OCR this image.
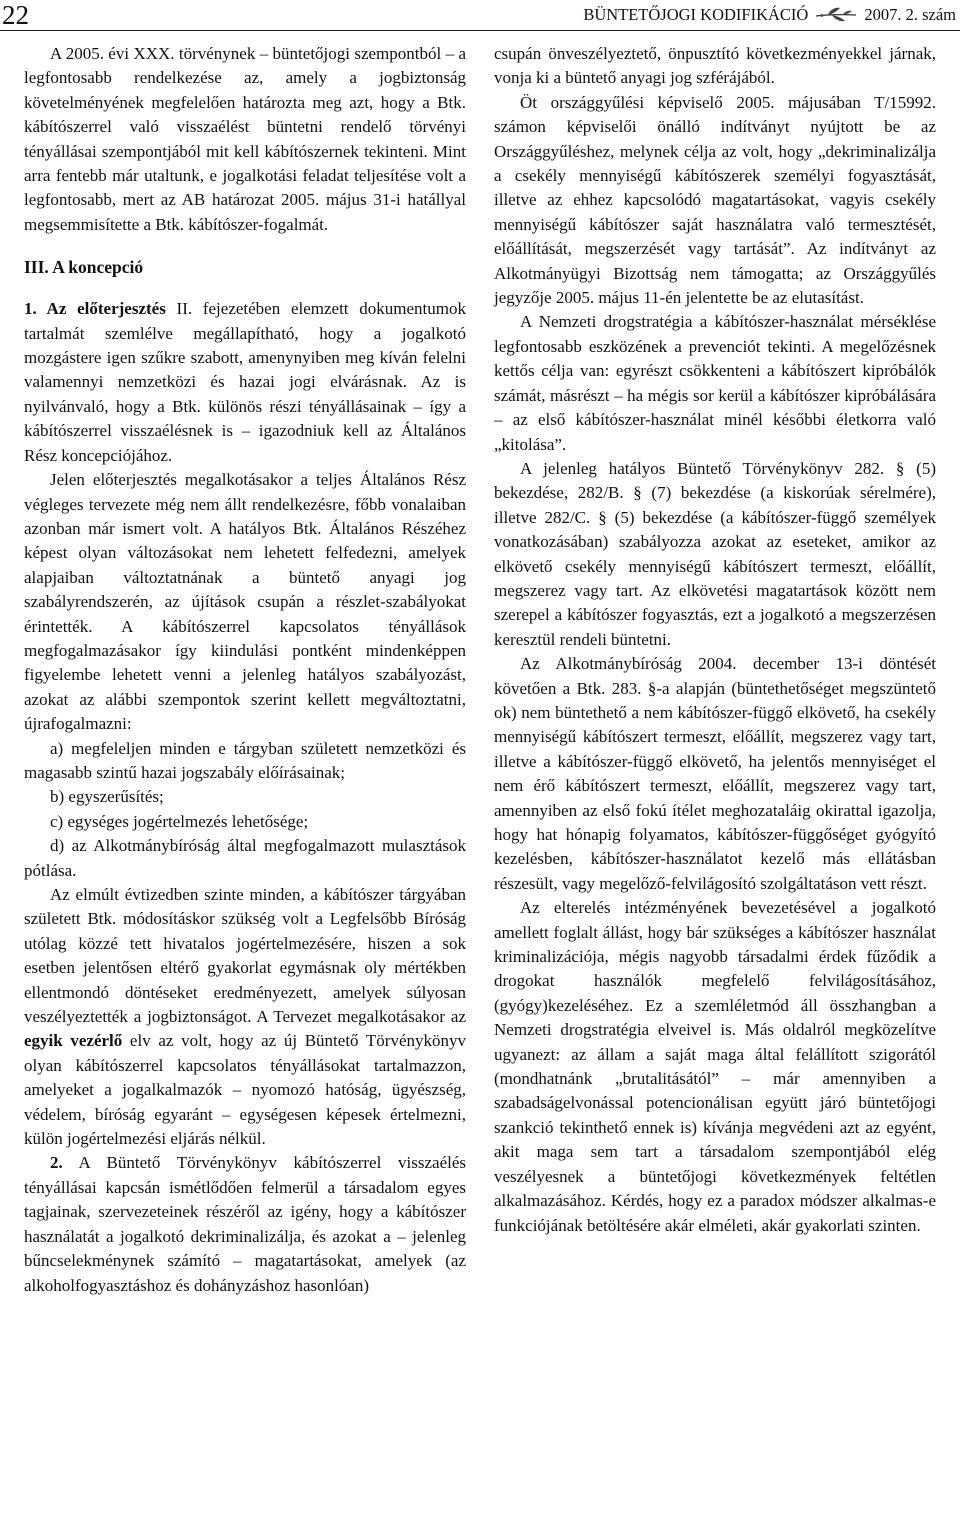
22	BÜNTETŐJOGI KODIFIKÁCIÓ	2007. 2. szám

A 2005. évi XXX. törvénynek – büntetőjogi szempontból – a legfontosabb rendelkezése az, amely a jogbiztonság követelményének megfelelően határozta meg azt, hogy a Btk. kábítószerrel való visszaélést büntetni rendelő törvényi tényállásai szempontjából mit kell kábítószernek tekinteni. Mint arra fentebb már utaltunk, e jogalkotási feladat teljesítése volt a legfontosabb, mert az AB határozat 2005. május 31-i hatállyal megsemmisítette a Btk. kábítószer-fogalmát.

III. A koncepció

1. Az előterjesztés II. fejezetében elemzett dokumentumok tartalmát szemlélve megállapítható, hogy a jogalkotó mozgástere igen szűkre szabott, amenynyiben meg kíván felelni valamennyi nemzetközi és hazai jogi elvárásnak. Az is nyilvánvaló, hogy a Btk. különös részi tényállásainak – így a kábítószerrel visszaélésnek is – igazodniuk kell az Általános Rész koncepciójához.

Jelen előterjesztés megalkotásakor a teljes Általános Rész végleges tervezete még nem állt rendelkezésre, főbb vonalaiban azonban már ismert volt. A hatályos Btk. Általános Részéhez képest olyan változásokat nem lehetett felfedezni, amelyek alapjaiban változtatnának a büntető anyagi jog szabályrendszerén, az újítások csupán a részlet-szabályokat érintették. A kábítószerrel kapcsolatos tényállások megfogalmazásakor így kiindulási pontként mindenképpen figyelembe lehetett venni a jelenleg hatályos szabályozást, azokat az alábbi szempontok szerint kellett megváltoztatni, újrafogalmazni:

a) megfeleljen minden e tárgyban született nemzetközi és magasabb szintű hazai jogszabály előírásainak;

b) egyszerűsítés;

c) egységes jogértelmezés lehetősége;

d) az Alkotmánybíróság által megfogalmazott mulasztások pótlása.

Az elmúlt évtizedben szinte minden, a kábítószer tárgyában született Btk. módosításkor szükség volt a Legfelsőbb Bíróság utólag közzé tett hivatalos jogértelmezésére, hiszen a sok esetben jelentősen eltérő gyakorlat egymásnak oly mértékben ellentmondó döntéseket eredményezett, amelyek súlyosan veszélyeztették a jogbiztonságot. A Tervezet megalkotásakor az egyik vezérlő elv az volt, hogy az új Büntető Törvénykönyv olyan kábítószerrel kapcsolatos tényállásokat tartalmazzon, amelyeket a jogalkalmazók – nyomozó hatóság, ügyészség, védelem, bíróság egyaránt – egységesen képesek értelmezni, külön jogértelmezési eljárás nélkül.

2. A Büntető Törvénykönyv kábítószerrel visszaélés tényállásai kapcsán ismétlődően felmerül a társadalom egyes tagjainak, szervezeteinek részéről az igény, hogy a kábítószer használatát a jogalkotó dekriminalizálja, és azokat a – jelenleg bűncselekménynek számító – magatartásokat, amelyek (az alkoholfogyasztáshoz és dohányzáshoz hasonlóan)

csupán önveszélyeztető, önpusztító következményekkel járnak, vonja ki a büntető anyagi jog szférájából.

Öt országgyűlési képviselő 2005. májusában T/15992. számon képviselői önálló indítványt nyújtott be az Országgyűléshez, melynek célja az volt, hogy „dekriminalizálja a csekély mennyiségű kábítószerek személyi fogyasztását, illetve az ehhez kapcsolódó magatartásokat, vagyis csekély mennyiségű kábítószer saját használatra való termesztését, előállítását, megszerzését vagy tartását”. Az indítványt az Alkotmányügyi Bizottság nem támogatta; az Országgyűlés jegyzője 2005. május 11-én jelentette be az elutasítást.

A Nemzeti drogstratégia a kábítószer-használat mérséklése legfontosabb eszközének a prevenciót tekinti. A megelőzésnek kettős célja van: egyrészt csökkenteni a kábítószert kipróbálók számát, másrészt – ha mégis sor kerül a kábítószer kipróbálására – az első kábítószer-használat minél későbbi életkorra való „kitolása”.

A jelenleg hatályos Büntető Törvénykönyv 282. § (5) bekezdése, 282/B. § (7) bekezdése (a kiskorúak sérelmére), illetve 282/C. § (5) bekezdése (a kábítószer-függő személyek vonatkozásában) szabályozza azokat az eseteket, amikor az elkövető csekély mennyiségű kábítószert termeszt, előállít, megszerez vagy tart. Az elkövetési magatartások között nem szerepel a kábítószer fogyasztás, ezt a jogalkotó a megszerzésen keresztül rendeli büntetni.

Az Alkotmánybíróság 2004. december 13-i döntését követően a Btk. 283. §-a alapján (büntethetőséget megszüntető ok) nem büntethető a nem kábítószer-függő elkövető, ha csekély mennyiségű kábítószert termeszt, előállít, megszerez vagy tart, illetve a kábítószer-függő elkövető, ha jelentős mennyiséget el nem érő kábítószert termeszt, előállít, megszerez vagy tart, amennyiben az első fokú ítélet meghozataláig okirattal igazolja, hogy hat hónapig folyamatos, kábítószer-függőséget gyógyító kezelésben, kábítószer-használatot kezelő más ellátásban részesült, vagy megelőző-felvilágosító szolgáltatáson vett részt.

Az elterelés intézményének bevezetésével a jogalkotó amellett foglalt állást, hogy bár szükséges a kábítószer használat kriminalizációja, mégis nagyobb társadalmi érdek fűződik a drogokat használók megfelelő felvilágosításához, (gyógy)kezeléséhez. Ez a szemléletmód áll összhangban a Nemzeti drogstratégia elveivel is. Más oldalról megközelítve ugyanezt: az állam a saját maga által felállított szigorától (mondhatnánk „brutalitásától” – már amennyiben a szabadságelvonással potencionálisan együtt járó büntetőjogi szankció tekinthető ennek is) kívánja megvédeni azt az egyént, akit maga sem tart a társadalom szempontjából elég veszélyesnek a büntetőjogi következmények feltétlen alkalmazásához. Kérdés, hogy ez a paradox módszer alkalmas-e funkciójának betöltésére akár elméleti, akár gyakorlati szinten.
